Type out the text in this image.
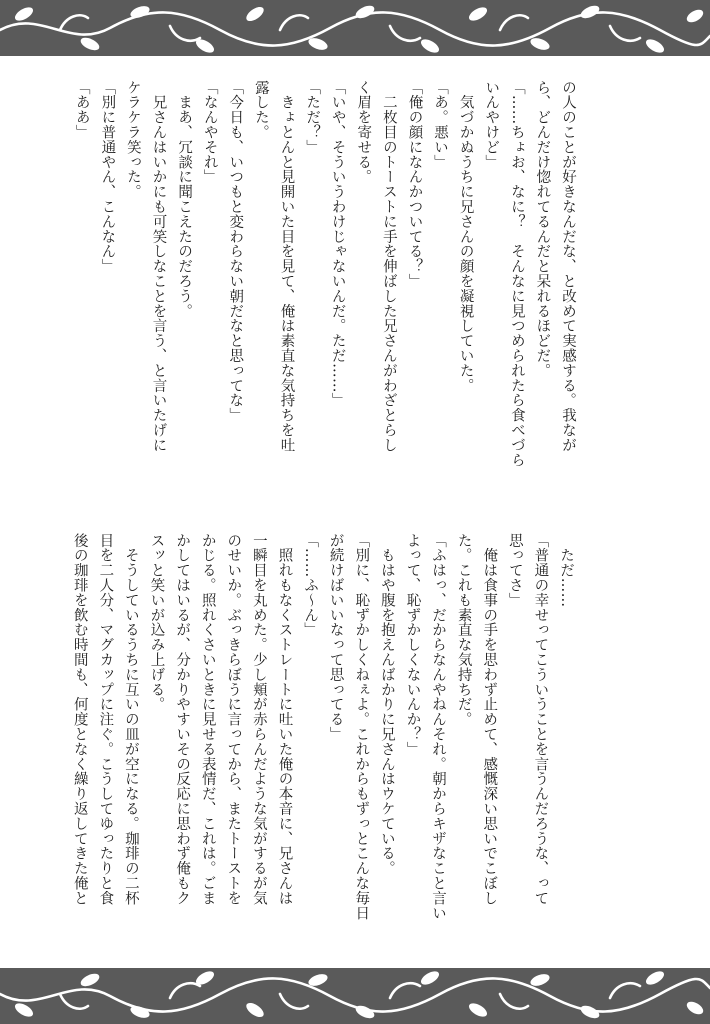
の人のことが好きなんだな、と改めて実感する。我なが
ら、どんだけ惚れてるんだと呆れるほどだ。
「……ちょお、なに？　そんなに見つめられたら食べづら
いんやけど」
　気づかぬうちに兄さんの顔を凝視していた。
「あ。悪い」
「俺の顔になんかついてる？」
　二枚目のトーストに手を伸ばした兄さんがわざとらし
く眉を寄せる。
「いや、そういうわけじゃないんだ。ただ……」
「ただ？」
　きょとんと見開いた目を見て、俺は素直な気持ちを吐
露した。
「今日も、いつもと変わらない朝だなと思ってな」
「なんやそれ」
　まあ、冗談に聞こえたのだろう。
　兄さんはいかにも可笑しなことを言う、と言いたげに
ケラケラ笑った。
「別に普通やん、こんなん」
「ああ」
　ただ……
「普通の幸せってこういうことを言うんだろうな、って
思ってさ」
　俺は食事の手を思わず止めて、感慨深い思いでこぼし
た。これも素直な気持ちだ。
「ふはっ、だからなんやねんそれ。朝からキザなこと言い
よって、恥ずかしくないんか？」
　もはや腹を抱えんばかりに兄さんはウケている。
「別に、恥ずかしくねぇよ。これからもずっとこんな毎日
が続けばいいなって思ってる」
「……ふ～ん」
　照れもなくストレートに吐いた俺の本音に、兄さんは
一瞬目を丸めた。少し頬が赤らんだような気がするが気
のせいか。ぶっきらぼうに言ってから、またトーストを
かじる。照れくさいときに見せる表情だ、これは。ごま
かしてはいるが、分かりやすいその反応に思わず俺もク
スッと笑いが込み上げる。
　そうしているうちに互いの皿が空になる。珈琲の二杯
目を二人分、マグカップに注ぐ。こうしてゆったりと食
後の珈琲を飲む時間も、何度となく繰り返してきた俺と
